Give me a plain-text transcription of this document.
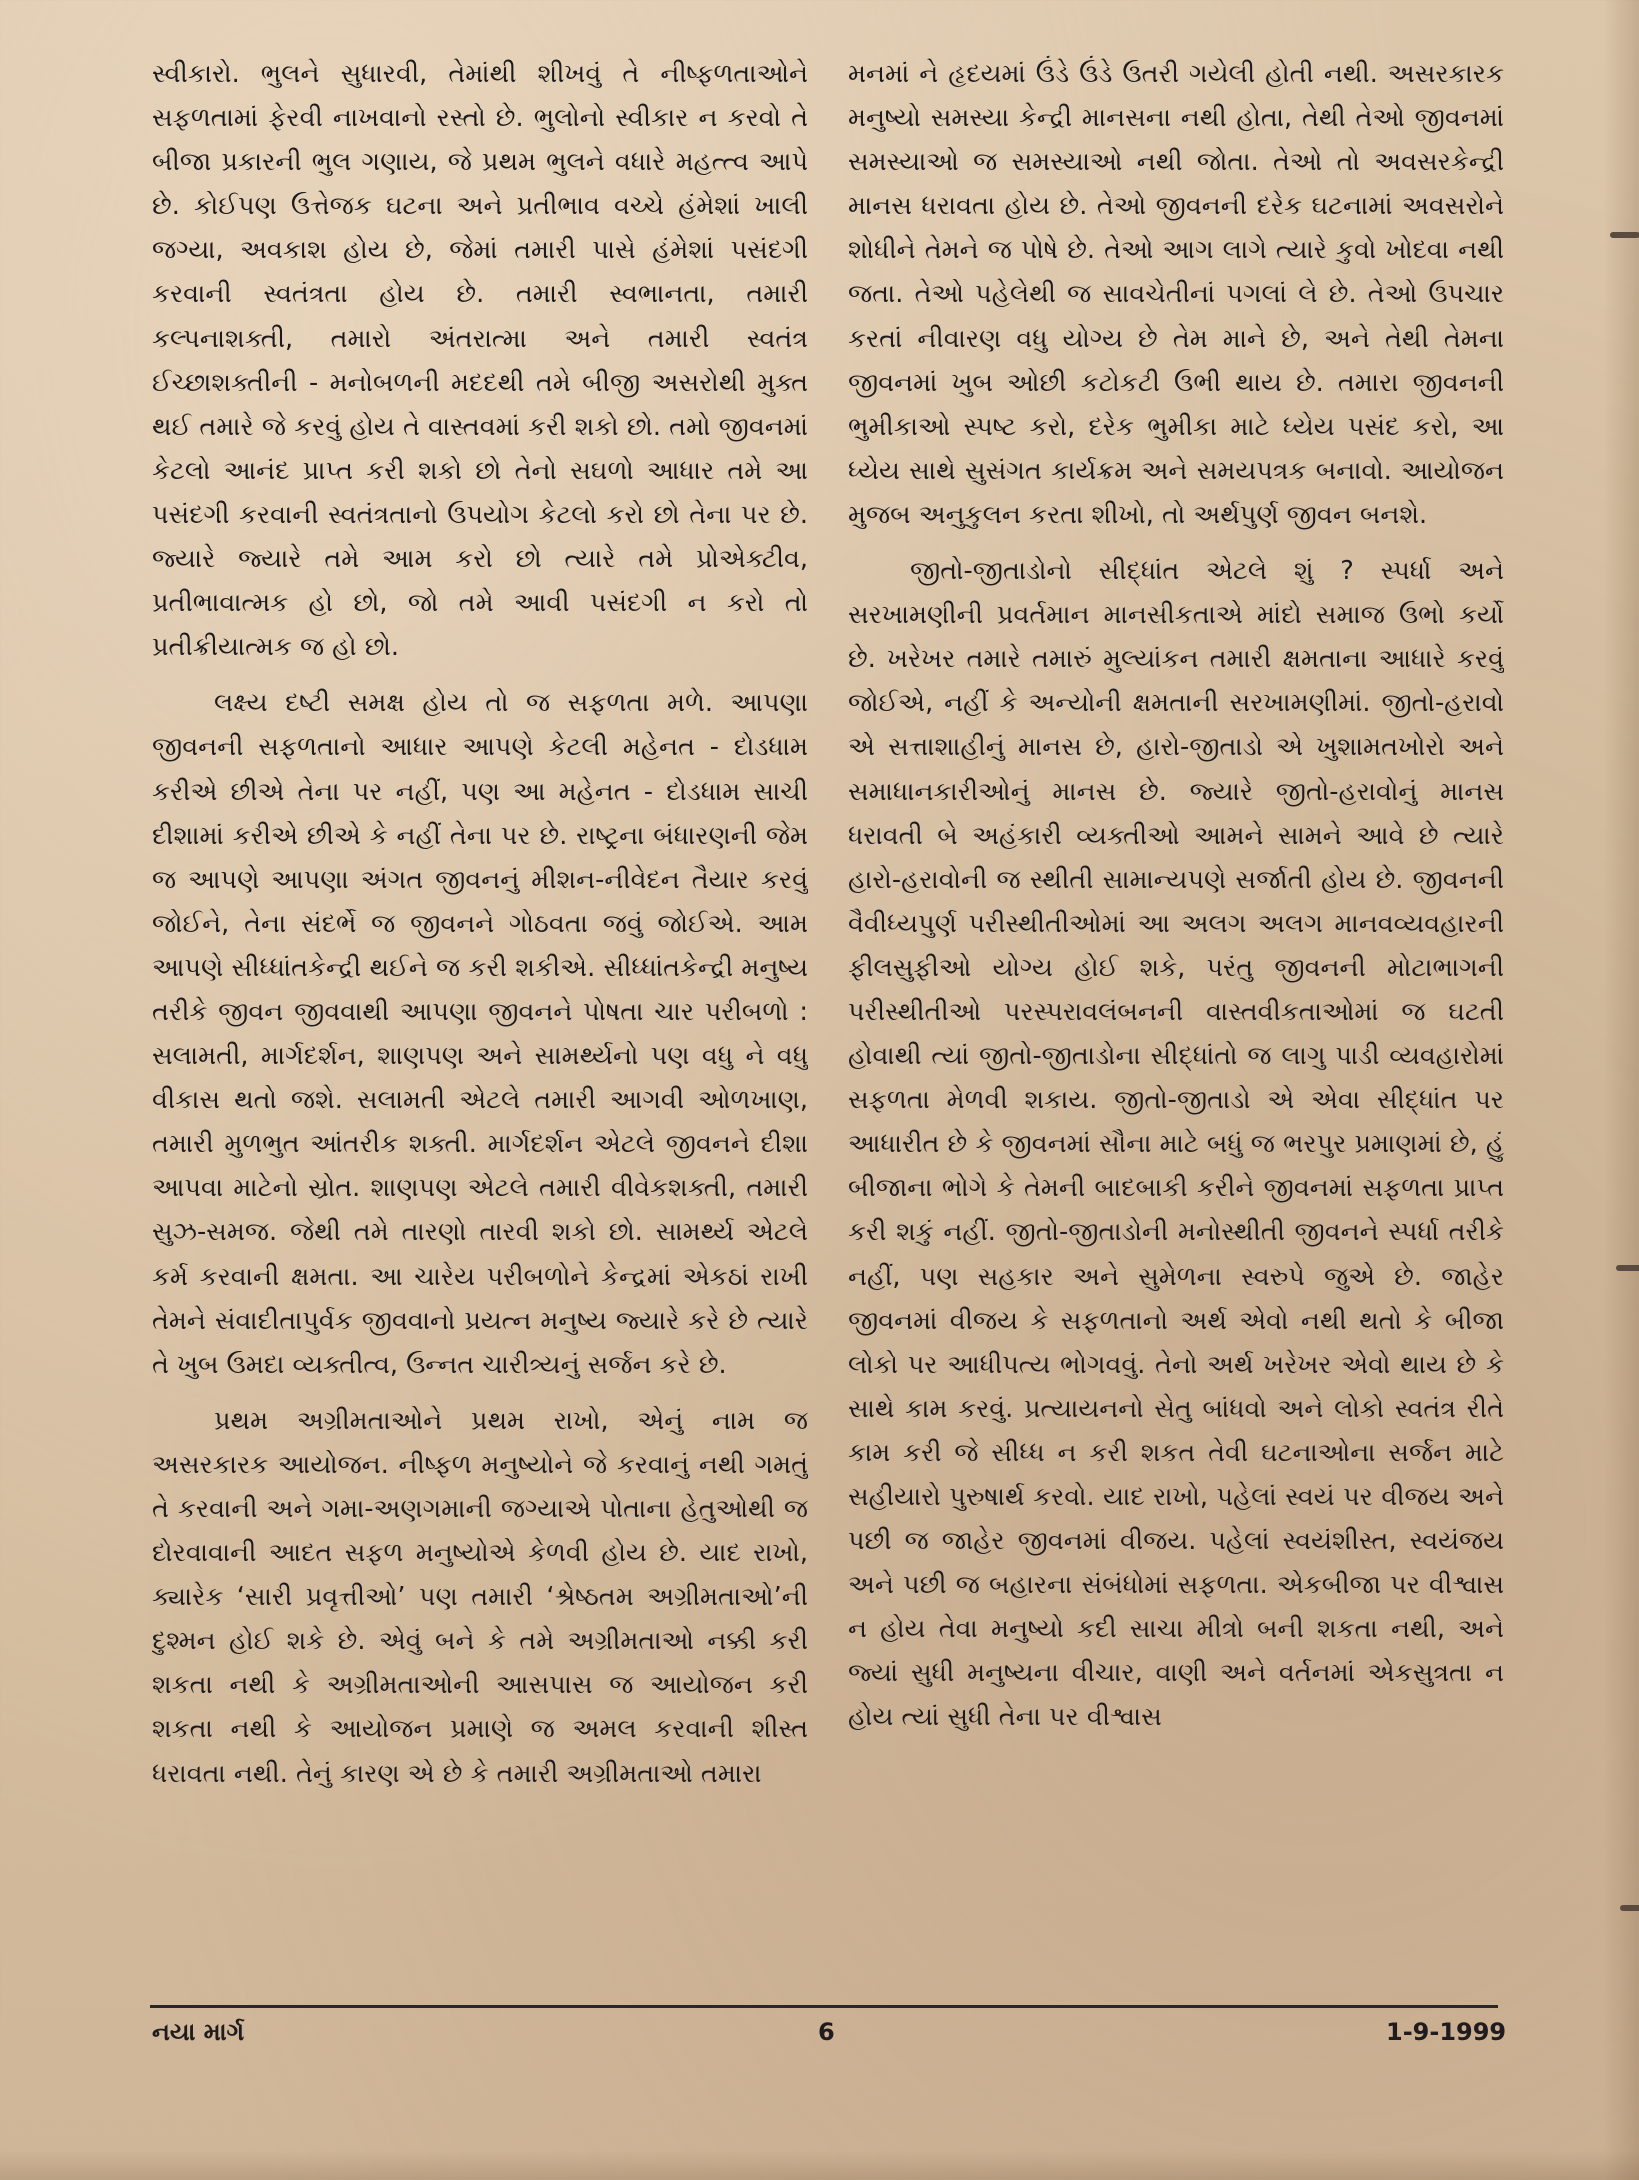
સ્વીકારો. ભુલને સુધારવી, તેમાંથી શીખવું તે નીષ્ફળતાઓને સફળતામાં ફેરવી નાખવાનો રસ્તો છે. ભુલોનો સ્વીકાર ન કરવો તે બીજા પ્રકારની ભુલ ગણાય, જે પ્રથમ ભુલને વધારે મહત્ત્વ આપે છે. કોઈપણ ઉત્તેજક ઘટના અને પ્રતીભાવ વચ્ચે હંમેશાં ખાલી જગ્યા, અવકાશ હોય છે, જેમાં તમારી પાસે હંમેશાં પસંદગી કરવાની સ્વતંત્રતા હોય છે. તમારી સ્વભાનતા, તમારી કલ્પનાશક્તી, તમારો અંતરાત્મા અને તમારી સ્વતંત્ર ઈચ્છાશક્તીની - મનોબળની મદદથી તમે બીજી અસરોથી મુક્ત થઈ તમારે જે કરવું હોય તે વાસ્તવમાં કરી શકો છો. તમો જીવનમાં કેટલો આનંદ પ્રાપ્ત કરી શકો છો તેનો સઘળો આધાર તમે આ પસંદગી કરવાની સ્વતંત્રતાનો ઉપયોગ કેટલો કરો છો તેના પર છે. જ્યારે જ્યારે તમે આમ કરો છો ત્યારે તમે પ્રોએક્ટીવ, પ્રતીભાવાત્મક હો છો, જો તમે આવી પસંદગી ન કરો તો પ્રતીક્રીયાત્મક જ હો છો.

લક્ષ્ય દષ્ટી સમક્ષ હોય તો જ સફળતા મળે. આપણા જીવનની સફળતાનો આધાર આપણે કેટલી મહેનત - દોડધામ કરીએ છીએ તેના પર નહીં, પણ આ મહેનત - દોડધામ સાચી દીશામાં કરીએ છીએ કે નહીં તેના પર છે. રાષ્ટ્રના બંધારણની જેમ જ આપણે આપણા અંગત જીવનનું મીશન-નીવેદન તૈયાર કરવું જોઈને, તેના સંદર્ભે જ જીવનને ગોઠવતા જવું જોઈએ. આમ આપણે સીધ્ધાંતકેન્દ્રી થઈને જ કરી શકીએ. સીધ્ધાંતકેન્દ્રી મનુષ્ય તરીકે જીવન જીવવાથી આપણા જીવનને પોષતા ચાર પરીબળો : સલામતી, માર્ગદર્શન, શાણપણ અને સામર્થ્યનો પણ વધુ ને વધુ વીકાસ થતો જશે. સલામતી એટલે તમારી આગવી ઓળખાણ, તમારી મુળભુત આંતરીક શક્તી. માર્ગદર્શન એટલે જીવનને દીશા આપવા માટેનો સ્રોત. શાણપણ એટલે તમારી વીવેકશક્તી, તમારી સુઝ-સમજ. જેથી તમે તારણો તારવી શકો છો. સામર્થ્ય એટલે કર્મ કરવાની ક્ષમતા. આ ચારેય પરીબળોને કેન્દ્રમાં એકઠાં રાખી તેમને સંવાદીતાપુર્વક જીવવાનો પ્રયત્ન મનુષ્ય જ્યારે કરે છે ત્યારે તે ખુબ ઉમદા વ્યક્તીત્વ, ઉન્નત ચારીત્ર્યનું સર્જન કરે છે.

પ્રથમ અગ્રીમતાઓને પ્રથમ રાખો, એનું નામ જ અસરકારક આયોજન. નીષ્ફળ મનુષ્યોને જે કરવાનું નથી ગમતું તે કરવાની અને ગમા-અણગમાની જગ્યાએ પોતાના હેતુઓથી જ દોરવાવાની આદત સફળ મનુષ્યોએ કેળવી હોય છે. યાદ રાખો, ક્યારેક ‘સારી પ્રવૃત્તીઓ’ પણ તમારી ‘શ્રેષ્ઠતમ અગ્રીમતાઓ’ની દુશ્મન હોઈ શકે છે. એવું બને કે તમે અગ્રીમતાઓ નક્કી કરી શકતા નથી કે અગ્રીમતાઓની આસપાસ જ આયોજન કરી શકતા નથી કે આયોજન પ્રમાણે જ અમલ કરવાની શીસ્ત ધરાવતા નથી. તેનું કારણ એ છે કે તમારી અગ્રીમતાઓ તમારા

મનમાં ને હૃદયમાં ઉંડે ઉંડે ઉતરી ગયેલી હોતી નથી. અસરકારક મનુષ્યો સમસ્યા કેન્દ્રી માનસના નથી હોતા, તેથી તેઓ જીવનમાં સમસ્યાઓ જ સમસ્યાઓ નથી જોતા. તેઓ તો અવસરકેન્દ્રી માનસ ધરાવતા હોય છે. તેઓ જીવનની દરેક ઘટનામાં અવસરોને શોધીને તેમને જ પોષે છે. તેઓ આગ લાગે ત્યારે કુવો ખોદવા નથી જતા. તેઓ પહેલેથી જ સાવચેતીનાં પગલાં લે છે. તેઓ ઉપચાર કરતાં નીવારણ વધુ યોગ્ય છે તેમ માને છે, અને તેથી તેમના જીવનમાં ખુબ ઓછી કટોકટી ઉભી થાય છે. તમારા જીવનની ભુમીકાઓ સ્પષ્ટ કરો, દરેક ભુમીકા માટે ધ્યેય પસંદ કરો, આ ધ્યેય સાથે સુસંગત કાર્યક્રમ અને સમયપત્રક બનાવો. આયોજન મુજબ અનુકુલન કરતા શીખો, તો અર્થપુર્ણ જીવન બનશે.

જીતો-જીતાડોનો સીદ્ધાંત એટલે શું ? સ્પર્ધા અને સરખામણીની પ્રવર્તમાન માનસીકતાએ માંદો સમાજ ઉભો કર્યો છે. ખરેખર તમારે તમારું મુલ્યાંકન તમારી ક્ષમતાના આધારે કરવું જોઈએ, નહીં કે અન્યોની ક્ષમતાની સરખામણીમાં. જીતો-હરાવો એ સત્તાશાહીનું માનસ છે, હારો-જીતાડો એ ખુશામતખોરો અને સમાધાનકારીઓનું માનસ છે. જ્યારે જીતો-હરાવોનું માનસ ધરાવતી બે અહંકારી વ્યક્તીઓ આમને સામને આવે છે ત્યારે હારો-હરાવોની જ સ્થીતી સામાન્યપણે સર્જાતી હોય છે. જીવનની વૈવીધ્યપુર્ણ પરીસ્થીતીઓમાં આ અલગ અલગ માનવવ્યવહારની ફીલસુફીઓ યોગ્ય હોઈ શકે, પરંતુ જીવનની મોટાભાગની પરીસ્થીતીઓ પરસ્પરાવલંબનની વાસ્તવીકતાઓમાં જ ઘટતી હોવાથી ત્યાં જીતો-જીતાડોના સીદ્ધાંતો જ લાગુ પાડી વ્યવહારોમાં સફળતા મેળવી શકાય. જીતો-જીતાડો એ એવા સીદ્ધાંત પર આધારીત છે કે જીવનમાં સૌના માટે બધું જ ભરપુર પ્રમાણમાં છે, હું બીજાના ભોગે કે તેમની બાદબાકી કરીને જીવનમાં સફળતા પ્રાપ્ત કરી શકું નહીં. જીતો-જીતાડોની મનોસ્થીતી જીવનને સ્પર્ધા તરીકે નહીં, પણ સહકાર અને સુમેળના સ્વરુપે જુએ છે. જાહેર જીવનમાં વીજય કે સફળતાનો અર્થ એવો નથી થતો કે બીજા લોકો પર આધીપત્ય ભોગવવું. તેનો અર્થ ખરેખર એવો થાય છે કે સાથે કામ કરવું. પ્રત્યાયનનો સેતુ બાંધવો અને લોકો સ્વતંત્ર રીતે કામ કરી જે સીધ્ધ ન કરી શકત તેવી ઘટનાઓના સર્જન માટે સહીયારો પુરુષાર્થ કરવો. યાદ રાખો, પહેલાં સ્વયં પર વીજય અને પછી જ જાહેર જીવનમાં વીજય. પહેલાં સ્વયંશીસ્ત, સ્વયંજય અને પછી જ બહારના સંબંધોમાં સફળતા. એકબીજા પર વીશ્વાસ ન હોય તેવા મનુષ્યો કદી સાચા મીત્રો બની શકતા નથી, અને જ્યાં સુધી મનુષ્યના વીચાર, વાણી અને વર્તનમાં એકસુત્રતા ન હોય ત્યાં સુધી તેના પર વીશ્વાસ

નયા માર્ગ	6	1-9-1999
